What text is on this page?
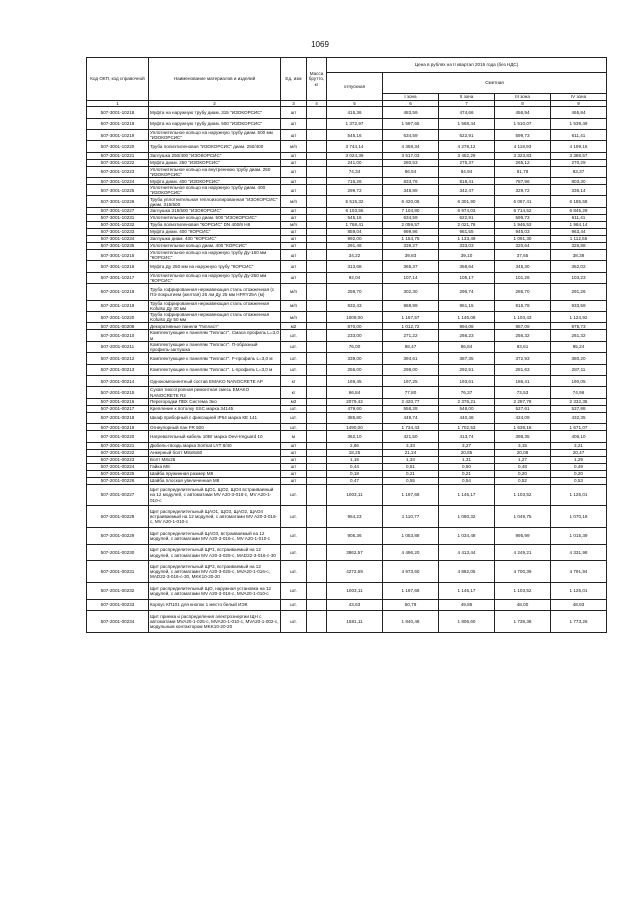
1069
Код ОКП, код справочной	Наименование материалов и изделий	Ед. изм	Масса брутто, кг	Цена в рублях на II квартал 2016 года (без НДС)				
				отпускная	Сметная			
					I зона	II зона	III зона	IV зона
1	2	3	4	5	6	7	8	9
507-3001-10218	Муфта на наружную трубу диам. 315 "ИЗОКОРСИС"	шт		415,36	483,59	474,66	456,94	465,84
507-3001-10218	Муфта на наружную трубу диам. 500 "ИЗОКОРСИС"	шт		1 372,97	1 597,65	1 568,44	1 510,07	1 539,49
507-3001-10219	Уплотнительное кольцо на наружную трубу диам. 500 мм "ИЗОКОРСИС"	шт		545,16	634,59	622,91	599,73	611,41
507-3001-10220	Труба полиэтиленовая "ИЗОКОРСИС" диам. 250/400	м/п		3 744,14	4 358,34	4 278,12	4 118,93	4 199,15
507-3001-10221	Заглушка 250/400 "ИЗОКОРСИС"	шт		3 024,39	3 517,03	3 452,29	3 323,83	3 388,57
507-3001-10222	Муфта диам. 250 "ИЗОКОРСИС"	шт		241,00	280,53	275,37	265,12	270,29
507-3001-10223	Уплотнительное кольцо на внутреннюю трубу диам. 250 "ИЗОКОРСИС"	шт		74,34	86,54	84,94	81,78	83,37
507-3001-10224	Муфта диам. 400 "ИЗОКОРСИС"	шт		716,26	833,76	818,41	787,96	803,30
507-3001-10225	Уплотнительное кольцо на наружную трубу диам. 400 "ИЗОКОРСИС"	шт		299,72	348,89	342,47	329,72	336,14
507-3001-10226	Труба уплотнительная теплоизолированная "ИЗОКОРСИС" диам. 315/500	м/п		5 515,32	6 420,08	6 301,90	6 067,41	6 185,58
507-3001-10227	Заглушка 315/500 "ИЗОКОРСИС"	шт		6 103,55	7 104,80	6 974,03	6 714,52	6 845,29
507-3001-10231	Уплотнительное кольцо диам. 500 "ИЗОКОРСИС"	шт		545,16	634,59	622,91	599,73	611,41
507-3001-10232	Труба полиэтиленовая "КОРСИС" DN 400/8 Н8	м/п		1 768,41	2 059,57	2 021,76	1 946,53	1 984,14
507-3001-10233	Муфта диам. 400 "КОРСИС"	шт		859,04	999,96	981,55	945,03	963,44
507-3001-10234	Заглушка диам. 400 "КОРСИС"	шт		992,00	1 154,75	1 133,49	1 091,30	1 112,55
507-3001-10235	Уплотнительное кольцо диам. 400 "КОРСИС"	шт		291,46	339,27	333,03	320,64	326,88
507-3001-10215	Уплотнительное кольцо на наружную трубу Ду-160 мм "КОРСИС"	шт		34,22	39,83	39,10	37,65	38,38
507-3001-10216	Муфта Ду 250 мм на наружную трубу "КОРСИС"	шт		313,68	365,37	358,64	345,30	352,02
507-3001-10217	Уплотнительное кольцо на наружную трубу Ду-250 мм "КОРСИС"	шт		92,04	107,14	105,17	101,26	103,23
507-2001-10218	Труба гофрированная нержавеющая сталь отожженная (с ПЭ покрытием (желтая) 25 лм Ду 25 мм HFRY25А (м)	м/п		259,70	302,30	296,74	285,70	291,26
507-2001-10219	Труба гофрированная нержавеющая сталь отожженная Kofulso Ду 40 мм	м/п		832,43	968,99	951,15	915,78	933,59
507-2001-10220	Труба гофрированная нержавеющая сталь отожженная Kofulso Ду 50 мм	м/п		1009,00	1 167,57	1 146,08	1 103,43	1 124,92
507-2001-00208	Декоративные панели "Гиплаcт"	м2		870,00	1 012,72	994,08	957,09	975,73
507-2001-00210	Комплектующие к панелям "Гиплаcт". Смаса профиль L=3,0 м	шт.		233,00	271,22	266,23	256,32	261,32
507-2001-00211	Комплектующие к панелям "Гиплаcт". П-образный профиль-заглушка	шт.		76,00	88,47	86,84	83,61	85,24
507-2001-00212	Комплектующие к панелям "Гиплаcт". F-профиль L=3,0 м	шт.		339,00	394,61	387,35	372,93	380,20
507-2001-00213	Комплектующие к панелям "Гиплаcт". L-профиль L=3,0 м	шт.		256,00	298,00	292,51	281,63	287,11
507-2001-00214	Однокомпонентный состав EMAKO NANOCRETE AP	кг		169,45	197,25	193,61	186,41	190,05
507-2001-00215	Сухая тиксотропная ремонтная смесь EMAKO NANOCRETE R2	кг		66,84	77,80	76,37	73,53	74,96
507-2001-00216	Перегородки ПВХ Система Эко	м2		2079,42	2 420,77	2 376,21	2 287,78	2 332,35
507-2001-00217	Крепление к потолку SSC марка 34145	шт.		479,60	558,28	548,00	527,61	537,88
507-2001-00218	Шкаф приборный с фиксацией IP54 марка КЕ 141	шт.		385,80	449,74	440,48	424,09	432,35
507-2001-00219	Огнеупорный пан FR 500	шт.		1490,00	1 734,43	1 702,53	1 639,18	1 671,07
507-2001-00220	Нагревательный кабель 10Вт марка Devi-Ireguard 10	м		362,10	421,50	413,74	398,35	406,10
507-2001-00221	Дюбель-гвоздь марка Sormat LYT 8/40	шт		2,86	3,33	3,27	3,15	3,21
507-2001-00222	Анкерный болт М8х8х60	шт		18,25	21,24	20,85	20,08	20,47
507-2001-00223	Болт М8х25	шт		1,15	1,34	1,31	1,27	1,29
507-2001-00224	Гайка М8	шт		0,44	0,51	0,50	0,48	0,49
507-2001-00225	Шайба пружинная размер М8	шт		0,18	0,21	0,21	0,20	0,20
507-2001-00226	Шайба плоская увеличенная М8	шт		0,47	0,55	0,54	0,52	0,53
507-2001-00227	Щит распределительный ЩО1, ЩО2, ЩО4 встраиваемый на 12 модулей, с автоматами MV A20-3-016-с, MV A20-1-010-с	шт.		1003,11	1 167,66	1 146,17	1 103,52	1 125,01
507-2001-00228	Щит распределительный ЩАО1, ЩО3, ЩАО2, ЩАО4 встраиваемый на 12 модулей, с автоматами MV A20-3-016-с, MV A20-1-010-с	шт.		954,23	1 110,77	1 090,32	1 049,75	1 070,19
507-2001-00229	Щит распределительный ЩАО3, встраиваемый на 12 модулей, с автоматами MV A20-3-016-с, MV A20-1-010-с	шт.		905,36	1 053,88	1 034,48	995,99	1 015,39
507-2001-00230	Щит распределительный ЩР1, встраиваемый на 12 модулей, с автоматами MV A20-3-025-с, MAD22-3-016-с-30	шт.		3862,57	4 496,20	4 413,44	4 249,21	4 331,98
507-2001-00231	Щит распределительный ЩР2, встраиваемый на 12 модулей, с автоматами MV A20-3-025-с, MVA20-1-016-с, MAD22-3-016-с-30, MKK10-20-20	шт.		4272,69	4 973,60	4 882,05	4 700,39	4 791,94
507-2001-00232	Щит распределительный ЩО, наружная установка на 12 модулей, с автоматами MV A20-3-016-с, MVA20-1-010-с	шт.		1003,11	1 167,66	1 146,17	1 103,52	1 125,01
507-2001-00233	Корпус КП101 для кнопок 1 место белый ИЭК	шт.		43,63	50,79	49,85	48,00	48,93
507-2001-00234	Щит приема и распределения электроэнергии ЩН с автоматами MVA20-1-025-с, MVA20-1-010-с, MVA20-1-002-с, модульным контактором MKK10-20-20	шт.		1581,11	1 840,48	1 806,60	1 739,38	1 773,26
